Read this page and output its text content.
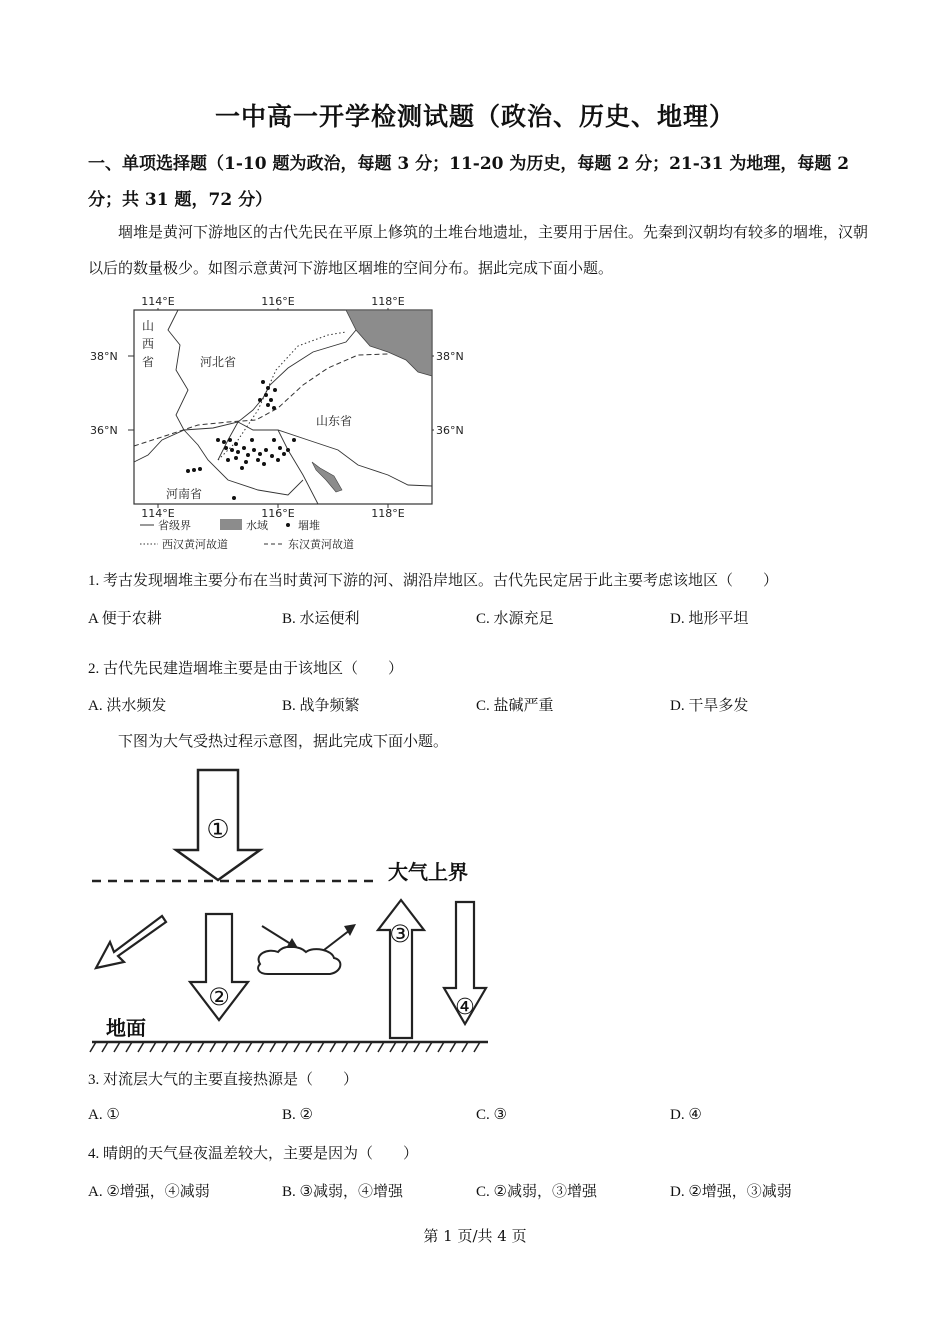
一中高一开学检测试题（政治、历史、地理）
一、单项选择题（1-10 题为政治，每题 3 分；11-20 为历史，每题 2 分；21-31 为地理，每题 2 分；共 31 题，72 分）
堌堆是黄河下游地区的古代先民在平原上修筑的土堆台地遗址，主要用于居住。先秦到汉朝均有较多的堌堆，汉朝以后的数量极少。如图示意黄河下游地区堌堆的空间分布。据此完成下面小题。
114°E	116°E	118°E
38°N
36°N
38°N
36°N
114°E	116°E	118°E
山
西
省	河北省
山东省
河南省
省级界	水域	堌堆
西汉黄河故道	东汉黄河故道
1. 考古发现堌堆主要分布在当时黄河下游的河、湖沿岸地区。古代先民定居于此主要考虑该地区（　　）
A 便于农耕	B. 水运便利	C. 水源充足	D. 地形平坦
2. 古代先民建造堌堆主要是由于该地区（　　）
A. 洪水频发	B. 战争频繁	C. 盐碱严重	D. 干旱多发
下图为大气受热过程示意图，据此完成下面小题。
①
大气上界
②
③
④
地面
3. 对流层大气的主要直接热源是（　　）
A. ①	B. ②	C. ③	D. ④
4. 晴朗的天气昼夜温差较大，主要是因为（　　）
A. ②增强，④减弱	B. ③减弱，④增强	C. ②减弱，③增强	D. ②增强，③减弱
第 1 页/共 4 页
